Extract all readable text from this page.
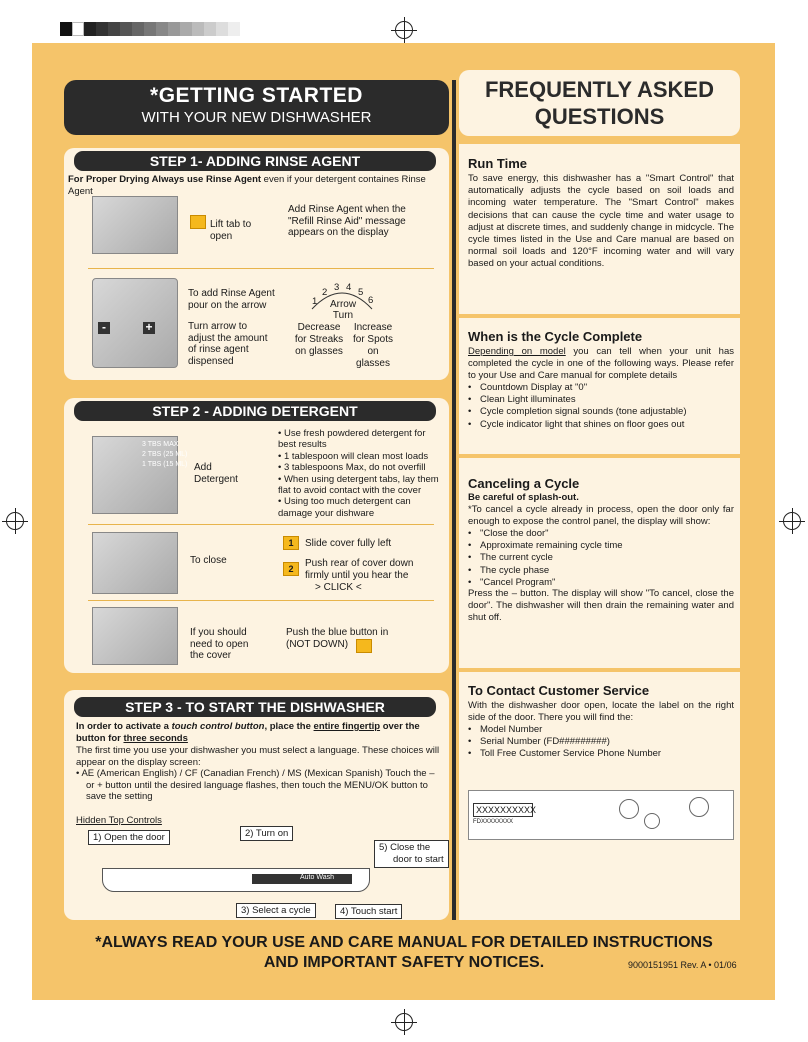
*GETTING STARTED
WITH YOUR NEW DISHWASHER
STEP 1- ADDING RINSE AGENT
For Proper Drying Always use Rinse Agent even if your detergent containes Rinse Agent
Lift tab to open
Add Rinse Agent when the "Refill Rinse Aid" message appears on the display
-	+
To add Rinse Agent pour on the arrow
Turn arrow to adjust the amount of rinse agent dispensed
1
2 3 4 5
6
Arrow
Turn
Decrease for Streaks on glasses
Increase for Spots on glasses
STEP 2 - ADDING DETERGENT
3 TBS MAX
2 TBS (25 ML)
1 TBS (15 ML) Add Detergent
• Use fresh powdered detergent for best results
• 1 tablespoon will clean most loads
• 3 tablespoons Max, do not overfill
• When using detergent tabs, lay them flat to avoid contact with the cover
• Using too much detergent can damage your dishware
To close
1	Slide cover fully left
2	Push rear of cover down firmly until you hear the
> CLICK <
If you should need to open the cover
Push the blue button in (NOT DOWN)
STEP 3 - TO START THE DISHWASHER
In order to activate a touch control button, place the entire fingertip over the button for three seconds
The first time you use your dishwasher you must select a language. These choices will appear on the display screen:
• AE (American English) / CF (Canadian French) / MS (Mexican Spanish) Touch the – or + button until the desired language flashes, then touch the MENU/OK button to save the setting
Hidden Top Controls
1) Open the door	2) Turn on
5) Close the
door to start
Auto Wash
3) Select a cycle	4) Touch start
FREQUENTLY ASKED
QUESTIONS
Run Time
To save energy, this dishwasher has a "Smart Control" that automatically adjusts the cycle based on soil loads and incoming water temperature. The "Smart Control" makes decisions that can cause the cycle time and water usage to adjust at discrete times, and suddenly change in midcycle. The cycle times listed in the Use and Care manual are based on normal soil loads and 120°F incoming water and will vary based on your actual conditions.
When is the Cycle Complete
Depending on model you can tell when your unit has completed the cycle in one of the following ways. Please refer to your Use and Care manual for complete details
• Countdown Display at "0"
• Clean Light illuminates
• Cycle completion signal sounds (tone adjustable)
• Cycle indicator light that shines on floor goes out
Canceling a Cycle
Be careful of splash-out.
*To cancel a cycle already in process, open the door only far enough to expose the control panel, the display will show:
• "Close the door"
• Approximate remaining cycle time
• The current cycle
• The cycle phase
• "Cancel Program"
Press the – button. The display will show "To cancel, close the door". The dishwasher will then drain the remaining water and shut off.
To Contact Customer Service
With the dishwasher door open, locate the label on the right side of the door. There you will find the:
• Model Number
• Serial Number (FD#########)
• Toll Free Customer Service Phone Number
XXXXXXXXXX
FDXXXXXXXX
*ALWAYS READ YOUR USE AND CARE MANUAL FOR DETAILED INSTRUCTIONS
AND IMPORTANT SAFETY NOTICES.	9000151951 Rev. A • 01/06
